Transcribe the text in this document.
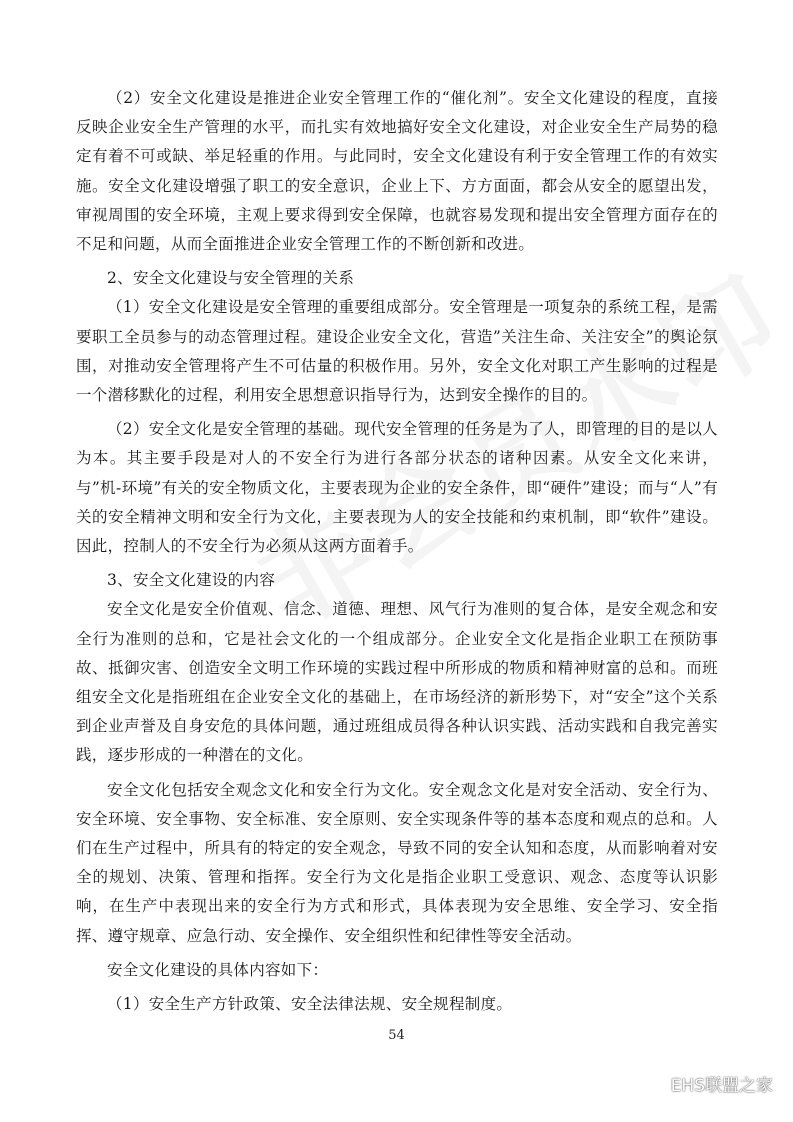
（2）安全文化建设是推进企业安全管理工作的“催化剂”。安全文化建设的程度，直接反映企业安全生产管理的水平，而扎实有效地搞好安全文化建设，对企业安全生产局势的稳定有着不可或缺、举足轻重的作用。与此同时，安全文化建设有利于安全管理工作的有效实施。安全文化建设增强了职工的安全意识，企业上下、方方面面，都会从安全的愿望出发，审视周围的安全环境，主观上要求得到安全保障，也就容易发现和提出安全管理方面存在的不足和问题，从而全面推进企业安全管理工作的不断创新和改进。

2、安全文化建设与安全管理的关系

（1）安全文化建设是安全管理的重要组成部分。安全管理是一项复杂的系统工程，是需要职工全员参与的动态管理过程。建设企业安全文化，营造”关注生命、关注安全”的舆论氛围，对推动安全管理将产生不可估量的积极作用。另外，安全文化对职工产生影响的过程是一个潜移默化的过程，利用安全思想意识指导行为，达到安全操作的目的。

（2）安全文化是安全管理的基础。现代安全管理的任务是为了人，即管理的目的是以人为本。其主要手段是对人的不安全行为进行各部分状态的诸种因素。从安全文化来讲，与”机-环境”有关的安全物质文化，主要表现为企业的安全条件，即“硬件”建设；而与“人”有关的安全精神文明和安全行为文化，主要表现为人的安全技能和约束机制，即“软件”建设。因此，控制人的不安全行为必须从这两方面着手。

3、安全文化建设的内容

安全文化是安全价值观、信念、道德、理想、风气行为准则的复合体，是安全观念和安全行为准则的总和，它是社会文化的一个组成部分。企业安全文化是指企业职工在预防事故、抵御灾害、创造安全文明工作环境的实践过程中所形成的物质和精神财富的总和。而班组安全文化是指班组在企业安全文化的基础上，在市场经济的新形势下，对“安全”这个关系到企业声誉及自身安危的具体问题，通过班组成员得各种认识实践、活动实践和自我完善实践，逐步形成的一种潜在的文化。

安全文化包括安全观念文化和安全行为文化。安全观念文化是对安全活动、安全行为、安全环境、安全事物、安全标准、安全原则、安全实现条件等的基本态度和观点的总和。人们在生产过程中，所具有的特定的安全观念，导致不同的安全认知和态度，从而影响着对安全的规划、决策、管理和指挥。安全行为文化是指企业职工受意识、观念、态度等认识影响，在生产中表现出来的安全行为方式和形式，具体表现为安全思维、安全学习、安全指挥、遵守规章、应急行动、安全操作、安全组织性和纪律性等安全活动。

安全文化建设的具体内容如下：

（1）安全生产方针政策、安全法律法规、安全规程制度。

54
EHS联盟之家
